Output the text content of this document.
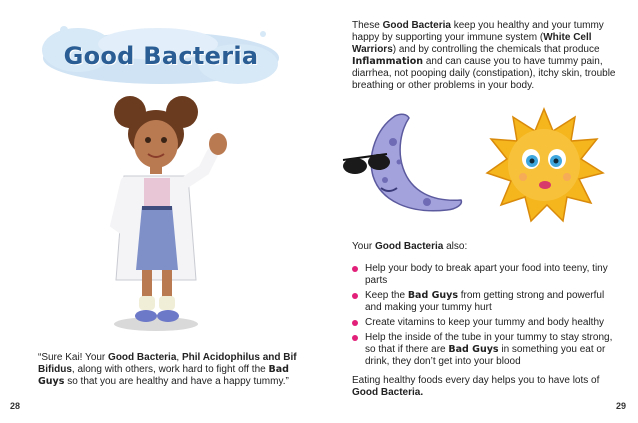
Good Bacteria
“Sure Kai! Your Good Bacteria, Phil Acidophilus and Bif Bifidus, along with others, work hard to fight off the Bad Guys so that you are healthy and have a happy tummy.”
28
These Good Bacteria keep you healthy and your tummy happy by supporting your immune system (White Cell Warriors) and by controlling the chemicals that produce Inflammation and can cause you to have tummy pain, diarrhea, not pooping daily (constipation), itchy skin, trouble breathing or other problems in your body.
Your Good Bacteria also:
Help your body to break apart your food into teeny, tiny parts
Keep the Bad Guys from getting strong and powerful and making your tummy hurt
Create vitamins to keep your tummy and body healthy
Help the inside of the tube in your tummy to stay strong, so that if there are Bad Guys in something you eat or drink, they don’t get into your blood
Eating healthy foods every day helps you to have lots of Good Bacteria.
29
